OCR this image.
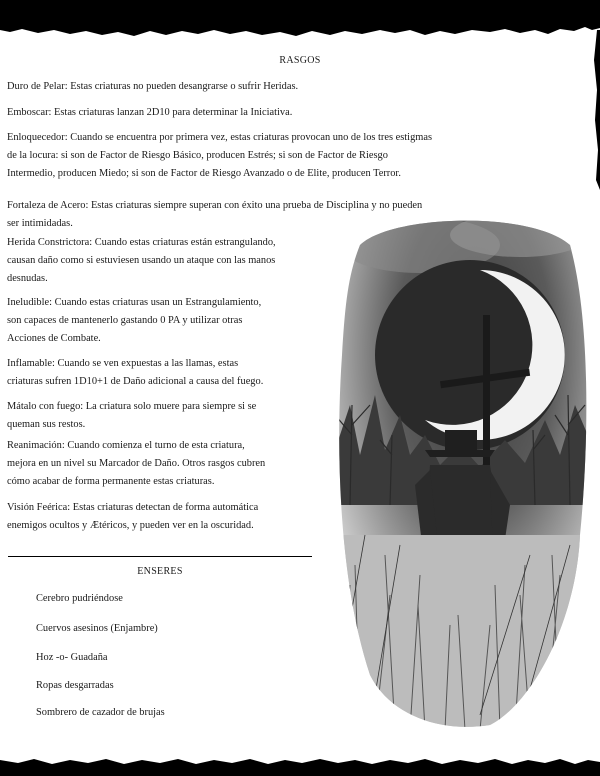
RASGOS
Duro de Pelar: Estas criaturas no pueden desangrarse o sufrir Heridas.
Emboscar: Estas criaturas lanzan 2D10 para determinar la Iniciativa.
Enloquecedor: Cuando se encuentra por primera vez, estas criaturas provocan uno de los tres estigmas
de la locura: si son de Factor de Riesgo Básico, producen Estrés; si son de Factor de Riesgo
Intermedio, producen Miedo; si son de Factor de Riesgo Avanzado o de Elite, producen Terror.
Fortaleza de Acero: Estas criaturas siempre superan con éxito una prueba de Disciplina y no pueden
ser intimidadas.
Herida Constrictora: Cuando estas criaturas están estrangulando,
causan daño como si estuviesen usando un ataque con las manos
desnudas.
Ineludible: Cuando estas criaturas usan un Estrangulamiento,
son capaces de mantenerlo gastando 0 PA y utilizar otras
Acciones de Combate.
Inflamable: Cuando se ven expuestas a las llamas, estas
criaturas sufren 1D10+1 de Daño adicional a causa del fuego.
Mátalo con fuego: La criatura solo muere para siempre si se
queman sus restos.
Reanimación: Cuando comienza el turno de esta criatura,
mejora en un nivel su Marcador de Daño. Otros rasgos cubren
cómo acabar de forma permanente estas criaturas.
Visión Feérica: Estas criaturas detectan de forma automática
enemigos ocultos y Ætéricos, y pueden ver en la oscuridad.
ENSERES
Cerebro pudriéndose
Cuervos asesinos (Enjambre)
Hoz -o- Guadaña
Ropas desgarradas
Sombrero de cazador de brujas
